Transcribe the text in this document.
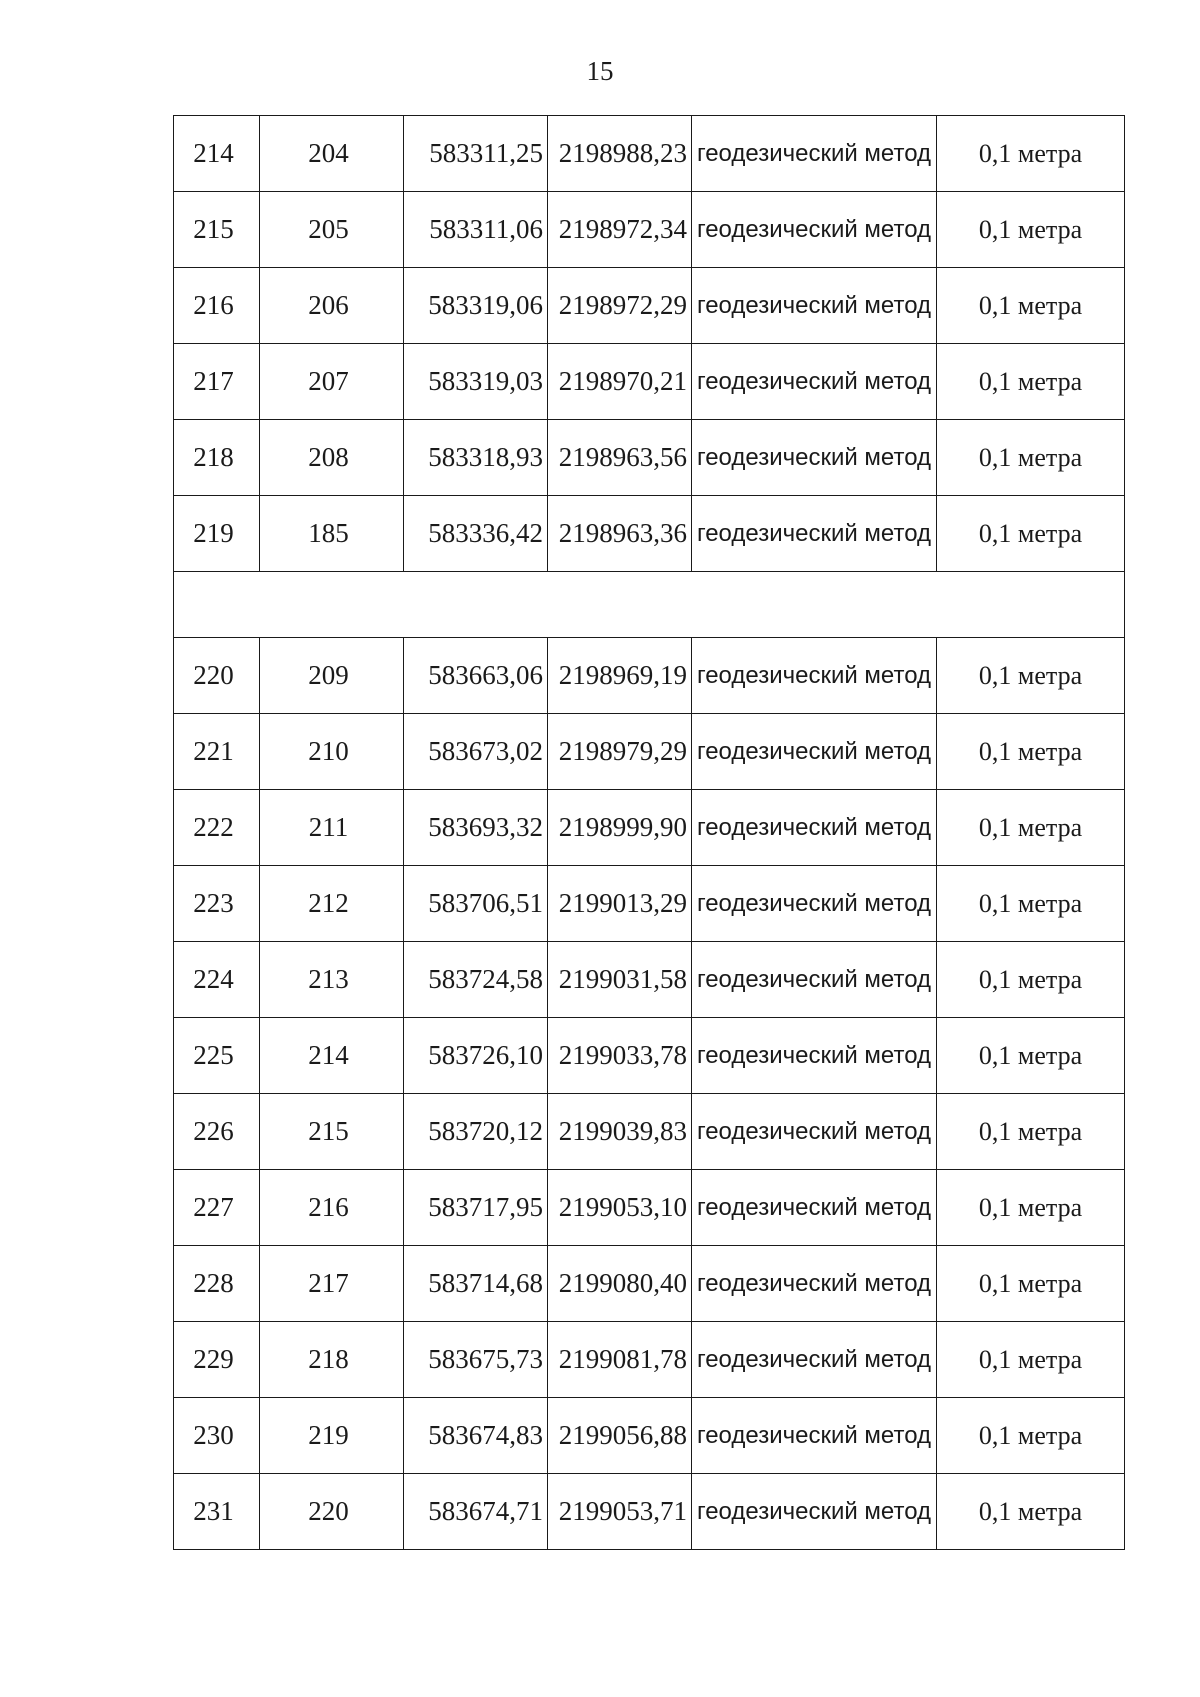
15
214	204	583311,25	2198988,23	геодезический метод	0,1 метра
215	205	583311,06	2198972,34	геодезический метод	0,1 метра
216	206	583319,06	2198972,29	геодезический метод	0,1 метра
217	207	583319,03	2198970,21	геодезический метод	0,1 метра
218	208	583318,93	2198963,56	геодезический метод	0,1 метра
219	185	583336,42	2198963,36	геодезический метод	0,1 метра

220	209	583663,06	2198969,19	геодезический метод	0,1 метра
221	210	583673,02	2198979,29	геодезический метод	0,1 метра
222	211	583693,32	2198999,90	геодезический метод	0,1 метра
223	212	583706,51	2199013,29	геодезический метод	0,1 метра
224	213	583724,58	2199031,58	геодезический метод	0,1 метра
225	214	583726,10	2199033,78	геодезический метод	0,1 метра
226	215	583720,12	2199039,83	геодезический метод	0,1 метра
227	216	583717,95	2199053,10	геодезический метод	0,1 метра
228	217	583714,68	2199080,40	геодезический метод	0,1 метра
229	218	583675,73	2199081,78	геодезический метод	0,1 метра
230	219	583674,83	2199056,88	геодезический метод	0,1 метра
231	220	583674,71	2199053,71	геодезический метод	0,1 метра
